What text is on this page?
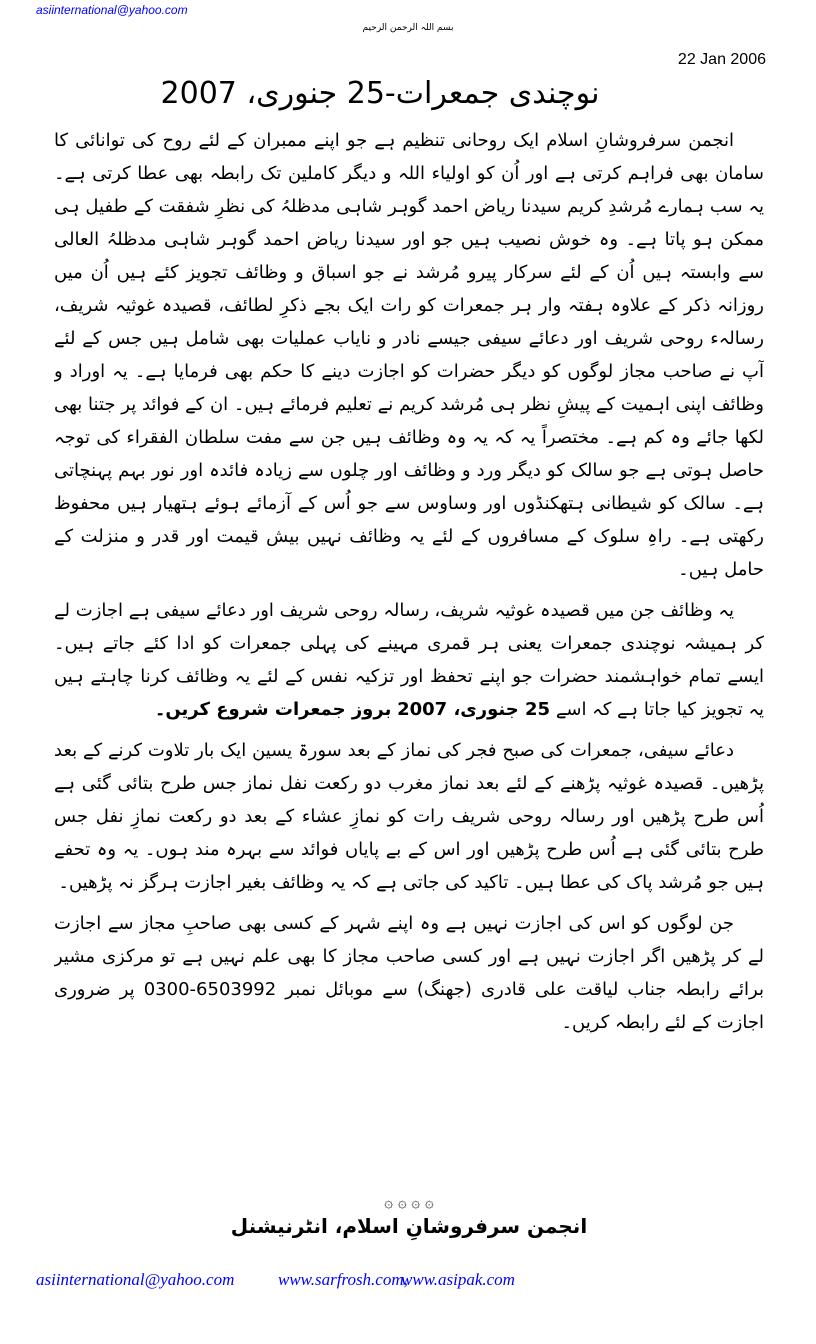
asiinternational@yahoo.com
بسم اللہ الرحمن الرحیم
22 Jan 2006
نوچندی جمعرات-25 جنوری، 2007

انجمن سرفروشانِ اسلام ایک روحانی تنظیم ہے جو اپنے ممبران کے لئے روح کی توانائی کا سامان بھی فراہم کرتی ہے اور اُن کو اولیاء اللہ و دیگر کاملین تک رابطہ بھی عطا کرتی ہے۔ یہ سب ہمارے مُرشدِ کریم سیدنا ریاض احمد گوہر شاہی مدظلہُ کی نظرِ شفقت کے طفیل ہی ممکن ہو پاتا ہے۔ وہ خوش نصیب ہیں جو اور سیدنا ریاض احمد گوہر شاہی مدظلہُ العالی سے وابستہ ہیں اُن کے لئے سرکار پیرو مُرشد نے جو اسباق و وظائف تجویز کئے ہیں اُن میں روزانہ ذکر کے علاوہ ہفتہ وار ہر جمعرات کو رات ایک بجے ذکرِ لطائف، قصیدہ غوثیہ شریف، رسالہء روحی شریف اور دعائے سیفی جیسے نادر و نایاب عملیات بھی شامل ہیں جس کے لئے آپ نے صاحب مجاز لوگوں کو دیگر حضرات کو اجازت دینے کا حکم بھی فرمایا ہے۔ یہ اوراد و وظائف اپنی اہمیت کے پیشِ نظر ہی مُرشد کریم نے تعلیم فرمائے ہیں۔ ان کے فوائد پر جتنا بھی لکھا جائے وہ کم ہے۔ مختصراً یہ کہ یہ وہ وظائف ہیں جن سے مفت سلطان الفقراء کی توجہ حاصل ہوتی ہے جو سالک کو دیگر ورد و وظائف اور چلوں سے زیادہ فائدہ اور نور بہم پہنچاتی ہے۔ سالک کو شیطانی ہتھکنڈوں اور وساوس سے جو اُس کے آزمائے ہوئے ہتھیار ہیں محفوظ رکھتی ہے۔ راہِ سلوک کے مسافروں کے لئے یہ وظائف نہیں بیش قیمت اور قدر و منزلت کے حامل ہیں۔

یہ وظائف جن میں قصیدہ غوثیہ شریف، رسالہ روحی شریف اور دعائے سیفی ہے اجازت لے کر ہمیشہ نوچندی جمعرات یعنی ہر قمری مہینے کی پہلی جمعرات کو ادا کئے جاتے ہیں۔ ایسے تمام خواہشمند حضرات جو اپنے تحفظ اور تزکیہ نفس کے لئے یہ وظائف کرنا چاہتے ہیں یہ تجویز کیا جاتا ہے کہ اسے 25 جنوری، 2007 بروز جمعرات شروع کریں۔

دعائے سیفی، جمعرات کی صبح فجر کی نماز کے بعد سورۃ یسین ایک بار تلاوت کرنے کے بعد پڑھیں۔ قصیدہ غوثیہ پڑھنے کے لئے بعد نماز مغرب دو رکعت نفل نماز جس طرح بتائی گئی ہے اُس طرح پڑھیں اور رسالہ روحی شریف رات کو نمازِ عشاء کے بعد دو رکعت نمازِ نفل جس طرح بتائی گئی ہے اُس طرح پڑھیں اور اس کے بے پایاں فوائد سے بہرہ مند ہوں۔ یہ وہ تحفے ہیں جو مُرشد پاک کی عطا ہیں۔ تاکید کی جاتی ہے کہ یہ وظائف بغیر اجازت ہرگز نہ پڑھیں۔

جن لوگوں کو اس کی اجازت نہیں ہے وہ اپنے شہر کے کسی بھی صاحبِ مجاز سے اجازت لے کر پڑھیں اگر اجازت نہیں ہے اور کسی صاحب مجاز کا بھی علم نہیں ہے تو مرکزی مشیر برائے رابطہ جناب لیاقت علی قادری (جھنگ) سے موبائل نمبر 6503992-0300 پر ضروری اجازت کے لئے رابطہ کریں۔

۞ ۞ ۞ ۞
انجمن سرفروشانِ اسلام، انٹرنیشنل
asiinternational@yahoo.com	www.sarfrosh.com,
www.asipak.com
